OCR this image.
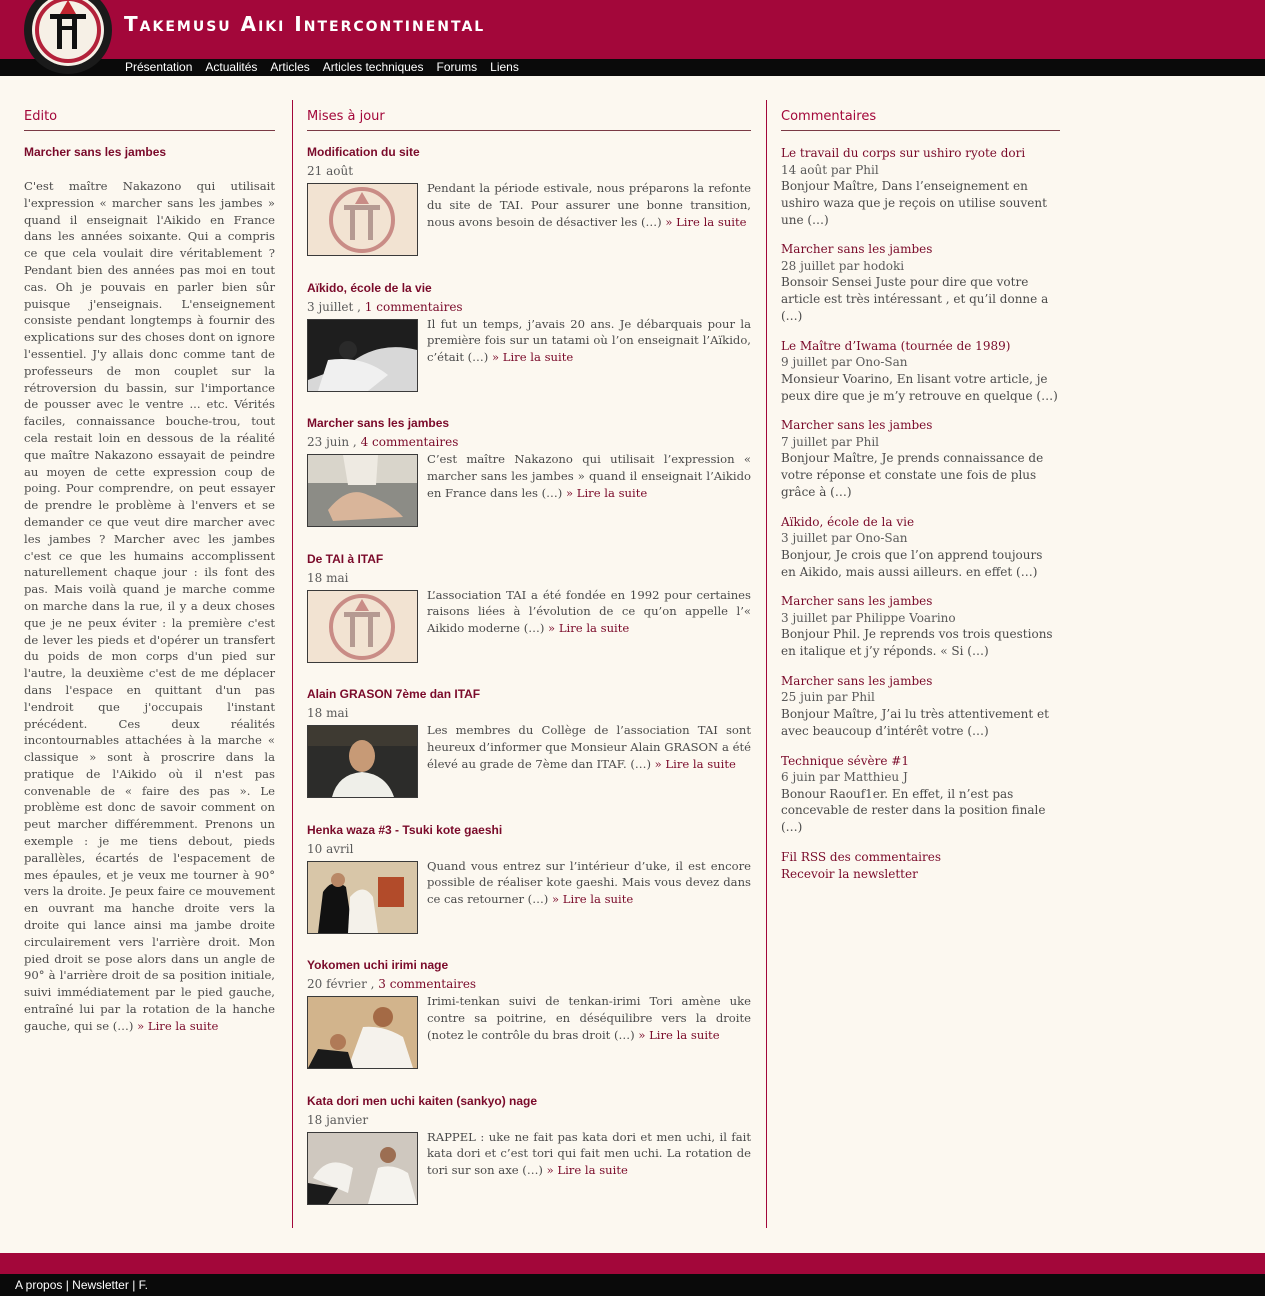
Takemusu Aiki Intercontinental
Présentation Actualités Articles Articles techniques Forums Liens
Edito
Marcher sans les jambes

C'est maître Nakazono qui utilisait l'expression « marcher sans les jambes » quand il enseignait l'Aikido en France dans les années soixante. Qui a compris ce que cela voulait dire véritablement ? Pendant bien des années pas moi en tout cas. Oh je pouvais en parler bien sûr puisque j'enseignais. L'enseignement consiste pendant longtemps à fournir des explications sur des choses dont on ignore l'essentiel. J'y allais donc comme tant de professeurs de mon couplet sur la rétroversion du bassin, sur l'importance de pousser avec le ventre ... etc. Vérités faciles, connaissance bouche-trou, tout cela restait loin en dessous de la réalité que maître Nakazono essayait de peindre au moyen de cette expression coup de poing. Pour comprendre, on peut essayer de prendre le problème à l'envers et se demander ce que veut dire marcher avec les jambes ? Marcher avec les jambes c'est ce que les humains accomplissent naturellement chaque jour : ils font des pas. Mais voilà quand je marche comme on marche dans la rue, il y a deux choses que je ne peux éviter : la première c'est de lever les pieds et d'opérer un transfert du poids de mon corps d'un pied sur l'autre, la deuxième c'est de me déplacer dans l'espace en quittant d'un pas l'endroit que j'occupais l'instant précédent. Ces deux réalités incontournables attachées à la marche « classique » sont à proscrire dans la pratique de l'Aikido où il n'est pas convenable de « faire des pas ». Le problème est donc de savoir comment on peut marcher différemment. Prenons un exemple : je me tiens debout, pieds parallèles, écartés de l'espacement de mes épaules, et je veux me tourner à 90° vers la droite. Je peux faire ce mouvement en ouvrant ma hanche droite vers la droite qui lance ainsi ma jambe droite circulairement vers l'arrière droit. Mon pied droit se pose alors dans un angle de 90° à l'arrière droit de sa position initiale, suivi immédiatement par le pied gauche, entraîné lui par la rotation de la hanche gauche, qui se (…) » Lire la suite

Mises à jour
Modification du site
21 août

Pendant la période estivale, nous préparons la refonte du site de TAI. Pour assurer une bonne transition, nous avons besoin de désactiver les (…) » Lire la suite

Aïkido, école de la vie
3 juillet , 1 commentaires

Il fut un temps, j’avais 20 ans. Je débarquais pour la première fois sur un tatami où l’on enseignait l’Aïkido, c’était (…) » Lire la suite

Marcher sans les jambes
23 juin , 4 commentaires

C’est maître Nakazono qui utilisait l’expression « marcher sans les jambes » quand il enseignait l’Aikido en France dans les (…) » Lire la suite

De TAI à ITAF
18 mai

L’association TAI a été fondée en 1992 pour certaines raisons liées à l’évolution de ce qu’on appelle l’« Aikido moderne (…) » Lire la suite

Alain GRASON 7ème dan ITAF
18 mai

Les membres du Collège de l’association TAI sont heureux d’informer que Monsieur Alain GRASON a été élevé au grade de 7ème dan ITAF. (…) » Lire la suite

Henka waza #3 - Tsuki kote gaeshi
10 avril

Quand vous entrez sur l’intérieur d’uke, il est encore possible de réaliser kote gaeshi. Mais vous devez dans ce cas retourner (…) » Lire la suite

Yokomen uchi irimi nage
20 février , 3 commentaires

Irimi-tenkan suivi de tenkan-irimi Tori amène uke contre sa poitrine, en déséquilibre vers la droite (notez le contrôle du bras droit (…) » Lire la suite

Kata dori men uchi kaiten (sankyo) nage
18 janvier

RAPPEL : uke ne fait pas kata dori et men uchi, il fait kata dori et c’est tori qui fait men uchi. La rotation de tori sur son axe (…) » Lire la suite

Commentaires
Le travail du corps sur ushiro ryote dori
14 août par Phil
Bonjour Maître, Dans l’enseignement en ushiro waza que je reçois on utilise souvent une (…)
Marcher sans les jambes
28 juillet par hodoki
Bonsoir Sensei Juste pour dire que votre article est très intéressant , et qu’il donne a (…)
Le Maître d’Iwama (tournée de 1989)
9 juillet par Ono-San
Monsieur Voarino, En lisant votre article, je peux dire que je m’y retrouve en quelque (…)
Marcher sans les jambes
7 juillet par Phil
Bonjour Maître, Je prends connaissance de votre réponse et constate une fois de plus grâce à (…)
Aïkido, école de la vie
3 juillet par Ono-San
Bonjour, Je crois que l’on apprend toujours en Aikido, mais aussi ailleurs. en effet (…)
Marcher sans les jambes
3 juillet par Philippe Voarino
Bonjour Phil. Je reprends vos trois questions en italique et j’y réponds. « Si (…)
Marcher sans les jambes
25 juin par Phil
Bonjour Maître, J’ai lu très attentivement et avec beaucoup d’intérêt votre (…)
Technique sévère #1
6 juin par Matthieu J
Bonour Raouf1er. En effet, il n’est pas concevable de rester dans la position finale (…)
Fil RSS des commentaires
Recevoir la newsletter
A propos | Newsletter | F.
